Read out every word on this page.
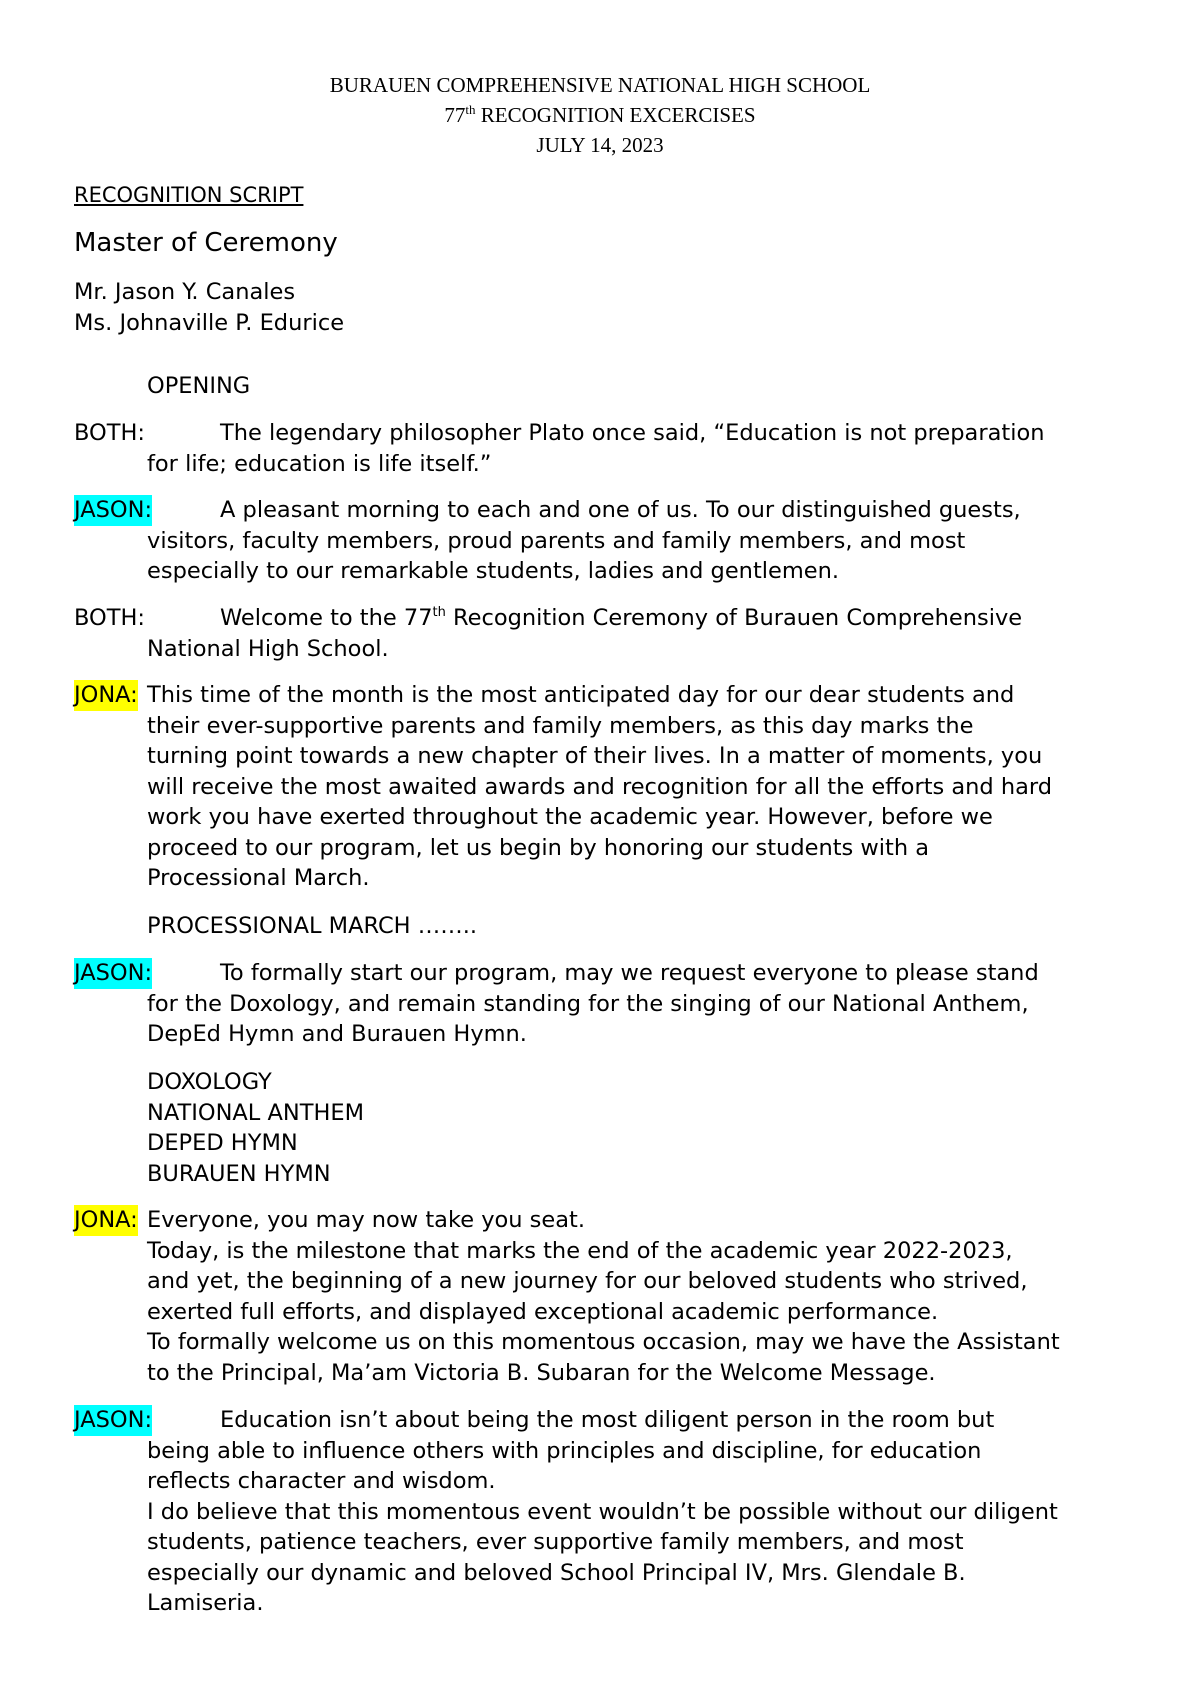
BURAUEN COMPREHENSIVE NATIONAL HIGH SCHOOL
77th RECOGNITION EXCERCISES
JULY 14, 2023
RECOGNITION SCRIPT
Master of Ceremony
Mr. Jason Y. Canales
Ms. Johnaville P. Edurice
OPENING
BOTH:	The legendary philosopher Plato once said, “Education is not preparation
for life; education is life itself.”
JASON:	A pleasant morning to each and one of us. To our distinguished guests,
visitors, faculty members, proud parents and family members, and most
especially to our remarkable students, ladies and gentlemen.
BOTH:	Welcome to the 77th Recognition Ceremony of Burauen Comprehensive
National High School.
JONA: This time of the month is the most anticipated day for our dear students and
their ever-supportive parents and family members, as this day marks the
turning point towards a new chapter of their lives. In a matter of moments, you
will receive the most awaited awards and recognition for all the efforts and hard
work you have exerted throughout the academic year. However, before we
proceed to our program, let us begin by honoring our students with a
Processional March.
PROCESSIONAL MARCH ……..
JASON:	To formally start our program, may we request everyone to please stand
for the Doxology, and remain standing for the singing of our National Anthem,
DepEd Hymn and Burauen Hymn.
DOXOLOGY
NATIONAL ANTHEM
DEPED HYMN
BURAUEN HYMN
JONA: Everyone, you may now take you seat.
Today, is the milestone that marks the end of the academic year 2022-2023,
and yet, the beginning of a new journey for our beloved students who strived,
exerted full efforts, and displayed exceptional academic performance.
To formally welcome us on this momentous occasion, may we have the Assistant
to the Principal, Ma’am Victoria B. Subaran for the Welcome Message.
JASON:	Education isn’t about being the most diligent person in the room but
being able to influence others with principles and discipline, for education
reflects character and wisdom.
I do believe that this momentous event wouldn’t be possible without our diligent
students, patience teachers, ever supportive family members, and most
especially our dynamic and beloved School Principal IV, Mrs. Glendale B.
Lamiseria.
